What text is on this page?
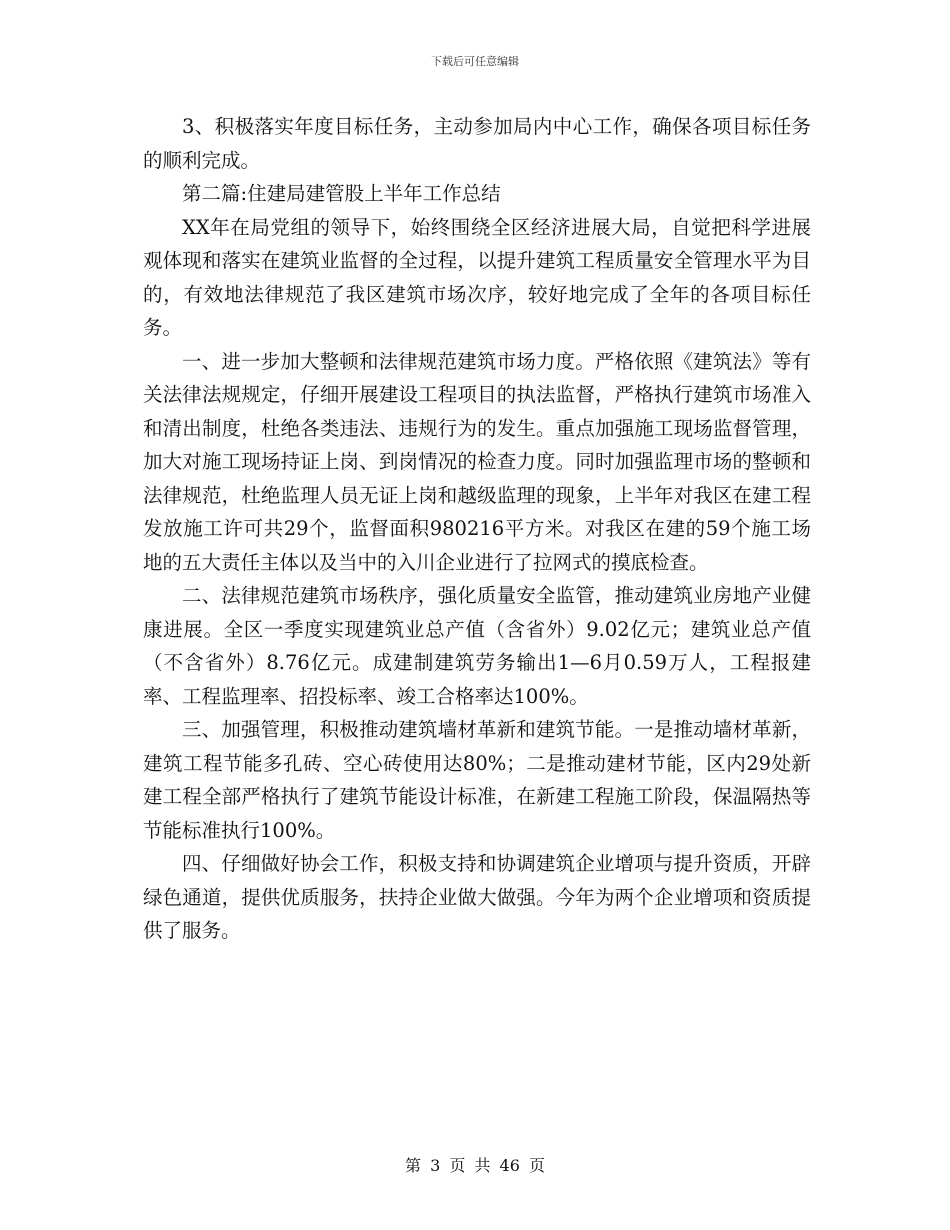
下载后可任意编辑

3、积极落实年度目标任务，主动参加局内中心工作，确保各项目标任务的顺利完成。

第二篇:住建局建管股上半年工作总结

XX年在局党组的领导下，始终围绕全区经济进展大局，自觉把科学进展观体现和落实在建筑业监督的全过程，以提升建筑工程质量安全管理水平为目的，有效地法律规范了我区建筑市场次序，较好地完成了全年的各项目标任务。

一、进一步加大整顿和法律规范建筑市场力度。严格依照《建筑法》等有关法律法规规定，仔细开展建设工程项目的执法监督，严格执行建筑市场准入和清出制度，杜绝各类违法、违规行为的发生。重点加强施工现场监督管理，加大对施工现场持证上岗、到岗情况的检查力度。同时加强监理市场的整顿和法律规范，杜绝监理人员无证上岗和越级监理的现象，上半年对我区在建工程发放施工许可共29个，监督面积980216平方米。对我区在建的59个施工场地的五大责任主体以及当中的入川企业进行了拉网式的摸底检查。

二、法律规范建筑市场秩序，强化质量安全监管，推动建筑业房地产业健康进展。全区一季度实现建筑业总产值（含省外）9.02亿元；建筑业总产值（不含省外）8.76亿元。成建制建筑劳务输出1—6月0.59万人，工程报建率、工程监理率、招投标率、竣工合格率达100%。

三、加强管理，积极推动建筑墙材革新和建筑节能。一是推动墙材革新，建筑工程节能多孔砖、空心砖使用达80%；二是推动建材节能，区内29处新建工程全部严格执行了建筑节能设计标准，在新建工程施工阶段，保温隔热等节能标准执行100%。

四、仔细做好协会工作，积极支持和协调建筑企业增项与提升资质，开辟绿色通道，提供优质服务，扶持企业做大做强。今年为两个企业增项和资质提供了服务。

第 3 页 共 46 页
